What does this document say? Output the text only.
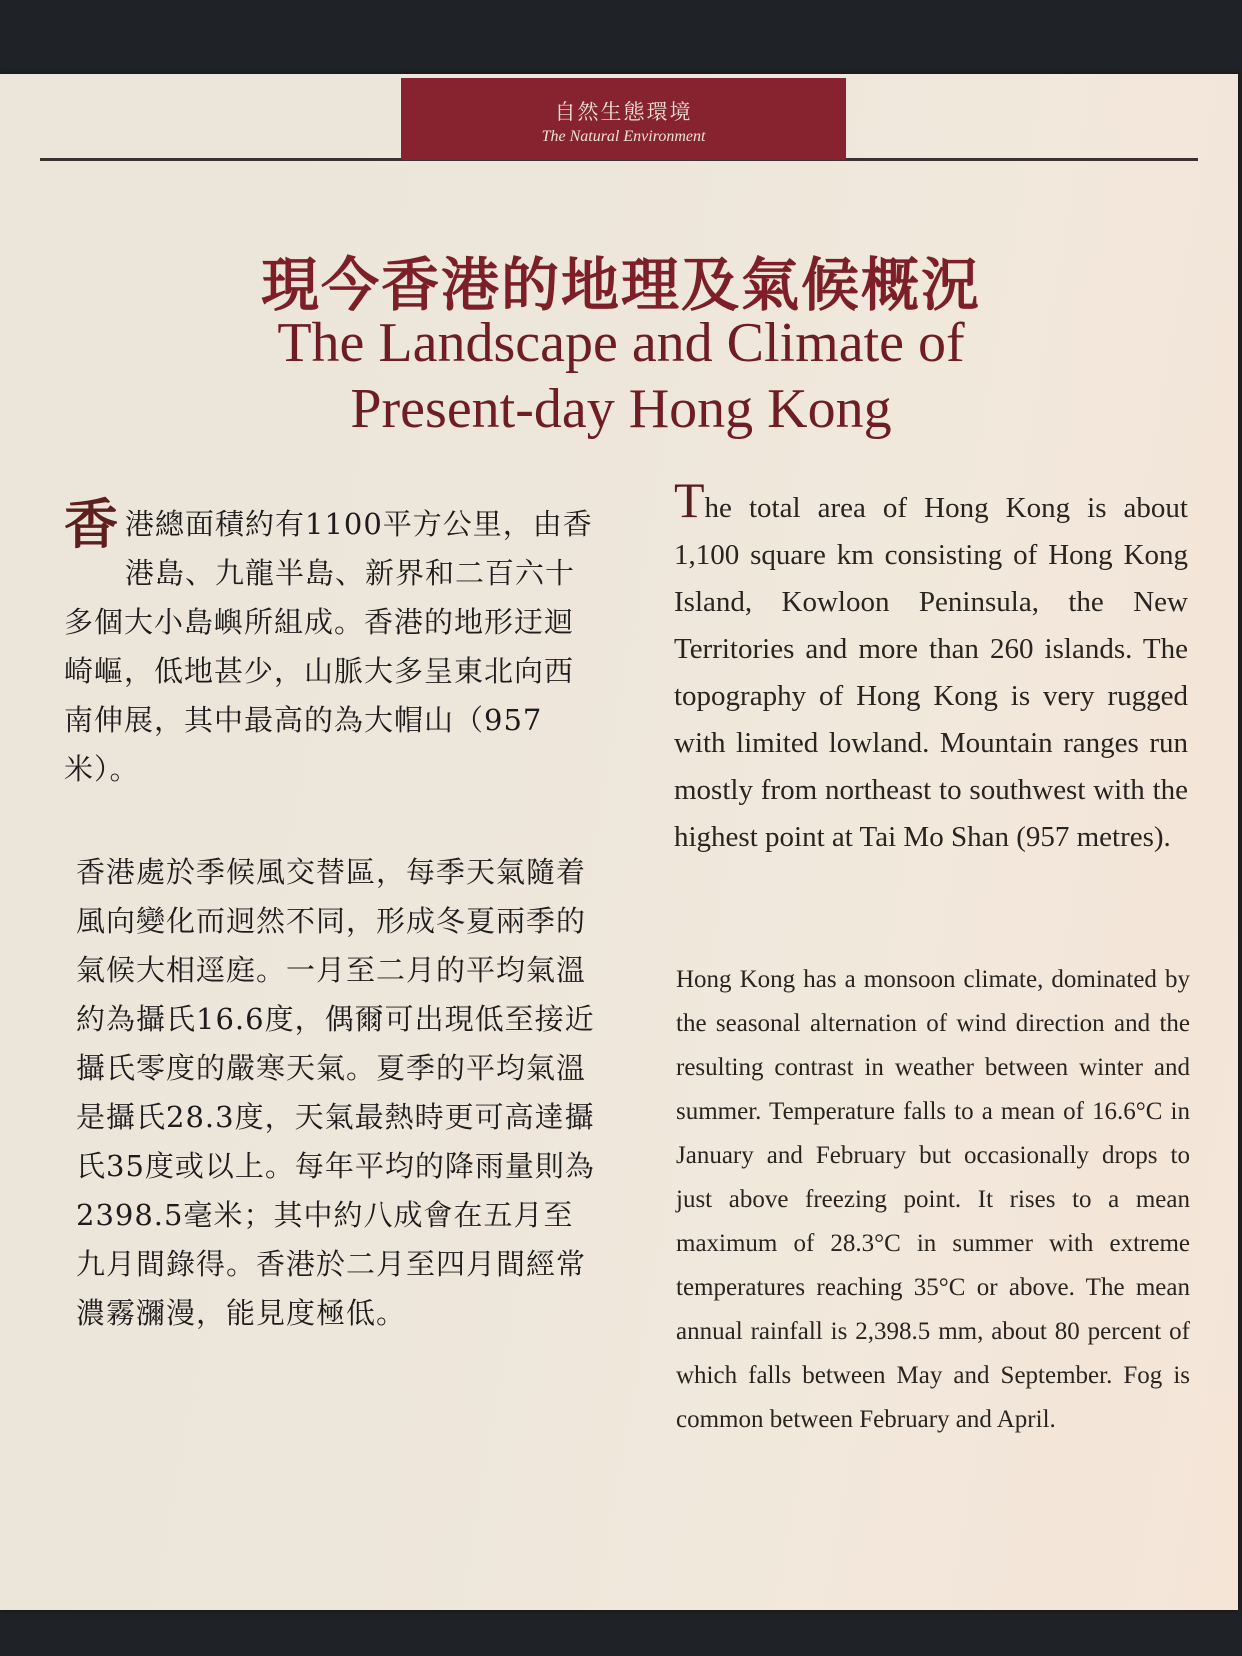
自然生態環境
The Natural Environment
現今香港的地理及氣候概況
The Landscape and Climate of
Present-day Hong Kong
香港總面積約有1100平方公里，由香港島、九龍半島、新界和二百六十多個大小島嶼所組成。香港的地形迂迴崎嶇，低地甚少，山脈大多呈東北向西南伸展，其中最高的為大帽山（957米）。
香港處於季候風交替區，每季天氣隨着風向變化而迥然不同，形成冬夏兩季的氣候大相逕庭。一月至二月的平均氣溫約為攝氏16.6度，偶爾可出現低至接近攝氏零度的嚴寒天氣。夏季的平均氣溫是攝氏28.3度，天氣最熱時更可高達攝氏35度或以上。每年平均的降雨量則為2398.5毫米；其中約八成會在五月至九月間錄得。香港於二月至四月間經常濃霧瀰漫，能見度極低。
The total area of Hong Kong is about 1,100 square km consisting of Hong Kong Island, Kowloon Peninsula, the New Territories and more than 260 islands. The topography of Hong Kong is very rugged with limited lowland. Mountain ranges run mostly from northeast to southwest with the highest point at Tai Mo Shan (957 metres).
Hong Kong has a monsoon climate, dominated by the seasonal alternation of wind direction and the resulting contrast in weather between winter and summer. Temperature falls to a mean of 16.6°C in January and February but occasionally drops to just above freezing point. It rises to a mean maximum of 28.3°C in summer with extreme temperatures reaching 35°C or above. The mean annual rainfall is 2,398.5 mm, about 80 percent of which falls between May and September. Fog is common between February and April.
